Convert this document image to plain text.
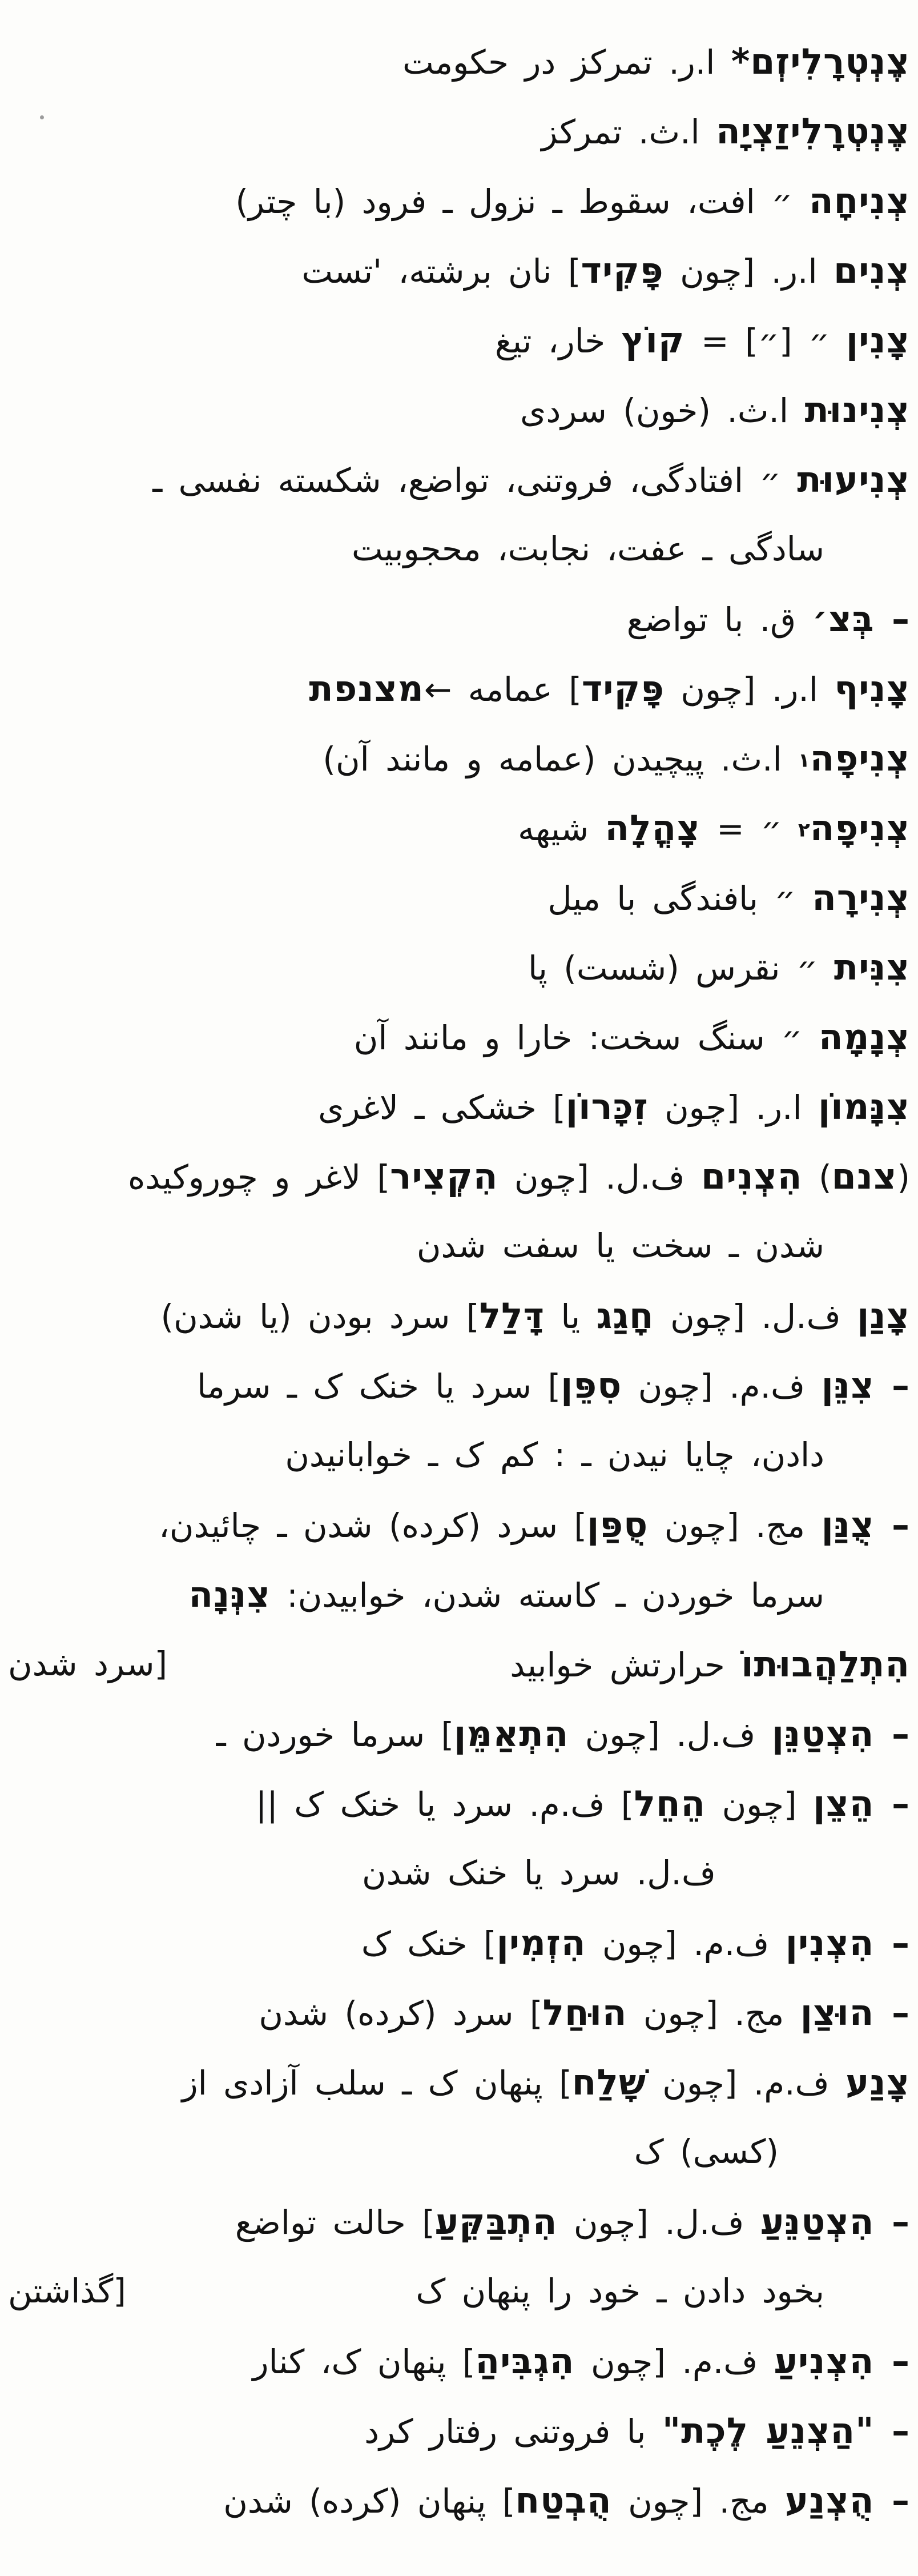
צֶנְטְרָלִיזְם* ا.ر. تمرکز در حکومت
צֶנְטְרָלִיזַצְיָה ا.ث. تمرکز
צְנִיחָה ״ افت، سقوط ـ نزول ـ فرود (با چتر)
צְנִים ا.ر. [چون פָּקִיד] نان برشته، 'تست
צָנִין ״ [״] = קוֹץ خار، تیغ
צְנִינוּת ا.ث. (خون) سردی
צְנִיעוּת ״ افتادگی، فروتنی، تواضع، شکسته نفسی ـ
سادگی ـ عفت، نجابت، محجوبیت
– בְּצ׳ ق. با تواضع
צָנִיף ا.ر. [چون פָּקִיד] عمامه ←מצנפת
צְנִיפָה١ ا.ث. پیچیدن (عمامه و مانند آن)
צְנִיפָה٢ ״ = צָהֳלָה شیهه
צְנִירָה ״ بافندگی با میل
צִנִּית ״ نقرس (شست) پا
צְנָמָה ״ سنگ سخت: خارا و مانند آن
צִנָּמוֹן ا.ر. [چون זִכָּרוֹן] خشکی ـ لاغری
(צנם) הִצְנִים ف.ل. [چون הִקְצִיר] لاغر و چوروکیده
شدن ـ سخت یا سفت شدن
צָנַן ف.ل. [چون חָגַג یا דָּלַל] سرد بودن (یا شدن)
– צִנֵּן ف.م. [چون סִפֵּן] سرد یا خنک ک ـ سرما
دادن، چایا نیدن ـ : کم ک ـ خوابانیدن
– צֻנַּן مج. [چون סֻפַּן] سرد (کرده) شدن ـ چائیدن،
سرما خوردن ـ کاسته شدن، خوابیدن: צִנְּנָה
הִתְלַהֲבוּתוֹ حرارتش خوابید
[سرد شدن
– הִצְטַנֵּן ف.ل. [چون הִתְאַמֵּן] سرما خوردن ـ
– הֵצֵן [چون הֵחֵל] ف.م. سرد یا خنک ک ||
ف.ل. سرد یا خنک شدن
– הִצְנִין ف.م. [چون הִזְמִין] خنک ک
– הוּצַן مج. [چون הוּחַל] سرد (کرده) شدن
צָנַע ف.م. [چون שָׁלַח] پنهان ک ـ سلب آزادی از
(کسی) ک
– הִצְטַנֵּעַ ف.ل. [چون הִתְבַּקֵּעַ] حالت تواضع
بخود دادن ـ خود را پنهان ک
[گذاشتن
– הִצְנִיעַ ف.م. [چون הִגְבִּיהַ] پنهان ک، کنار
– "הַצְנֵעַ לֶכֶת" با فروتنی رفتار کرد
– הֻצְנַע مج. [چون הֻבְטַח] پنهان (کرده) شدن
